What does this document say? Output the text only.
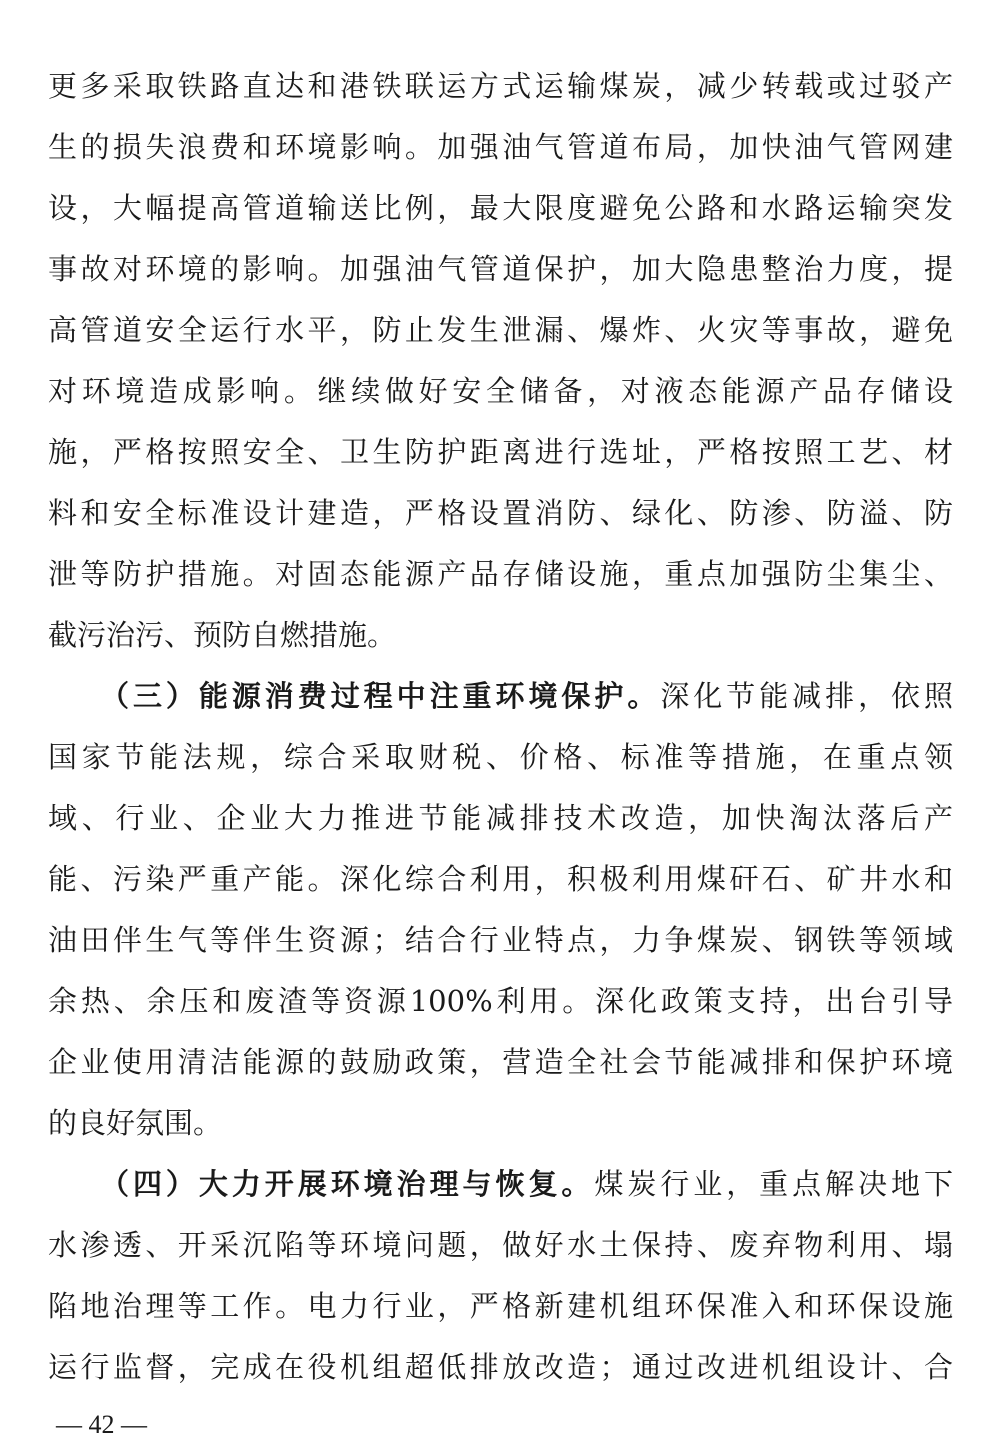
更多采取铁路直达和港铁联运方式运输煤炭，减少转载或过驳产
生的损失浪费和环境影响。加强油气管道布局，加快油气管网建
设，大幅提高管道输送比例，最大限度避免公路和水路运输突发
事故对环境的影响。加强油气管道保护，加大隐患整治力度，提
高管道安全运行水平，防止发生泄漏、爆炸、火灾等事故，避免
对环境造成影响。继续做好安全储备，对液态能源产品存储设
施，严格按照安全、卫生防护距离进行选址，严格按照工艺、材
料和安全标准设计建造，严格设置消防、绿化、防渗、防溢、防
泄等防护措施。对固态能源产品存储设施，重点加强防尘集尘、
截污治污、预防自燃措施。
（三）能源消费过程中注重环境保护。深化节能减排，依照
国家节能法规，综合采取财税、价格、标准等措施，在重点领
域、行业、企业大力推进节能减排技术改造，加快淘汰落后产
能、污染严重产能。深化综合利用，积极利用煤矸石、矿井水和
油田伴生气等伴生资源；结合行业特点，力争煤炭、钢铁等领域
余热、余压和废渣等资源100%利用。深化政策支持，出台引导
企业使用清洁能源的鼓励政策，营造全社会节能减排和保护环境
的良好氛围。
（四）大力开展环境治理与恢复。煤炭行业，重点解决地下
水渗透、开采沉陷等环境问题，做好水土保持、废弃物利用、塌
陷地治理等工作。电力行业，严格新建机组环保准入和环保设施
运行监督，完成在役机组超低排放改造；通过改进机组设计、合
— 42 —
